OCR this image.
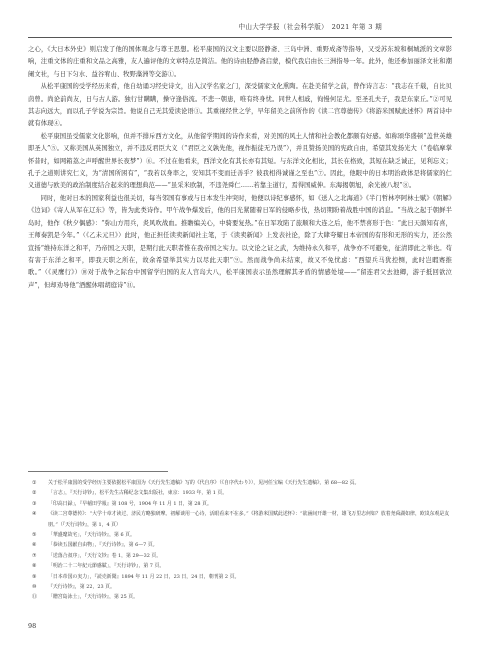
中山大学学报（社会科学版）　2021 年第 3 期

之心，《大日本外史》则启发了他的国体观念与尊王思想。松平康国的汉文主要以胫静斋、三岛中洲、重野成斋等指导，又受苏东坡和桐城派的文章影响，注重文体的庄重和文品之高雅，友人遍评他的文章特点是简洁。他的诗由胫静斋启蒙，模代我启由长三洲指导一年。此外，他还参加丽泽文社和潮阑文社，与日下匀水、益谷宥山、牧野藻洲等交游①。

从松平康国的受学经历来看，他自幼诵习经史诗文，出入汉学名家之门，深受儒家文化熏陶。在赴美留学之前，曾作诗言志：“我志在千载，自比贝茵曾。尚论前尚友，日与古人游。独行甘瞒瞒，操守逢俗流。不悲一朝患，唯有终身忧。同世人相戚，徇慢何足尤。至圣孔夫子，我是东家丘。”②可见其志向远大，而以孔子学说为宗旨。他说自己无其爱读论语③。其重视经世之学，早年留美之前所作的《读二宫尊德传》《将游米国赋此述怀》两首诗中就有体现④。

松平康国虽受儒家文化影响，但并不排斥西方文化，从他留学期间的诗作来看，对美国的风土人情和社会教化都颇有好感。如称颂华盛顿“盖世英雄即圣人”⑤。又称美国从英国独立，并不违反君臣大义（“君臣之义孰先他，视作振徒无乃误”），并且赞扬美国的宪政自由，希望其发扬光大（“卷临摩掌怀昔时，如网箱荔之声呼醒世界长夜梦”）⑥。不过在他看来，西洋文化有其长亦有其短。与东洋文化相比，其长在格致，其短在缺乏诚正，见利忘义；孔子之道则讲究仁义，为“清国所困有”，“我若以身率之，安知其不变而迁善乎？彼我相得诚谨之至也”⑦。因此，他眼中的日本明治政体是将儒家的仁义道德与欧美的政治制度结合起来的理想典范——“虽采米欧制，不违尧舜仁……若靠主道行，焉得国威伸。东海揭朝旭，余光被八垠”⑧。

同时，他对日本的国家利益也很关切，每当邻国有事或与日本发生冲突时，他便以诗纪事感怀，如《送人之北海道》《半门哲林亭阿林士赋》《朝解》《边词》《寄人从军在辽东》等，皆为此类诗作。甲午战争爆发后，他的目光紧随着日军的侵略步伐，热切期盼着战胜中国的消息。“当战之起于朝鲜半岛时，他作《秋夕偶感》：“弥山方用兵，炎风吹战血。推瞻编关心，中骑要复热。”在日军攻陷了旅顺和大连之后，他不禁喜形于色：“此日天颜知有喜，王师奏凯是今年。”（《乙未元旦》）此时，他正担任读卖新闻社主笔，于《读卖新闻》上发表社论，除了大肆夸耀日本帝国的有形和无形的实力，还公然宣扬“维持东洋之和平，乃帝国之天职，是期行此天职者惟在我帝国之实力。以文论之证之武，为维持永久和平，战争亦不可避免，征清即此之举也。苟有害于东洋之和平，即我天职之所在，故余希望举其实力以尽此天职”⑨。然而战争尚未结束，故又不免忧虑：“西望兵马犹控恻，此时岂暇赛推歌。”（《灵鹰行》）⑩对于战争之际台中国留学归国的友人宫岛大八，松平康国表示虽然理解其矛盾的情感处境——“留连君父去池卿，游子抵回欲泣声”，但却劝导他“酒醒休唱胡庭诗”⑪。

①	关于松平康国的受学经历主要依据松平康国为《天行先生遗稿》写的《代自序》（《自序代わり》），见河任宝编《天行先生遗稿》，第 68—82 页。
②	「言志」，『天行诗钞』，松平先生古稀纪念文集出版社，東京：1933 年，第 1 頁。
③	「印高日録」，『早稲田学報』第 108 号，1904 年 11 月 1 日，第 28 頁。
④	《读二宫尊德传》：“大学十章才读过，济民方略独研摩。初解谈用一心诗，活眼看来不在多。”《将游米国赋此述怀》：“欲涵间开雄一材，雄飞万里志何如？放着尧舜湖如律，欧岚东观是友朋。”（『天行诗钞』，第 1，4 頁）
⑤	「華盛麾故宅」，『天行诗钞』，第 6 頁。
⑥	「恭读五国献自由物」，『天行诗钞』，第 6—7 頁。
⑦	「送落合叔序」，『天行文钞』卷 1，第 29—32 頁。
⑧	「明治二十二年紀元節感賦」，『天行诗钞』，第 7 頁。
⑨	「日本帝国の実力」，『読売新聞』1894 年 11 月 22 日，23 日，24 日，朝刊第 2 頁。
⑩	『天行诗钞』，第 22，23 頁。
⑪	「贈宮島泳士」，『天行诗钞』，第 25 頁。
98
